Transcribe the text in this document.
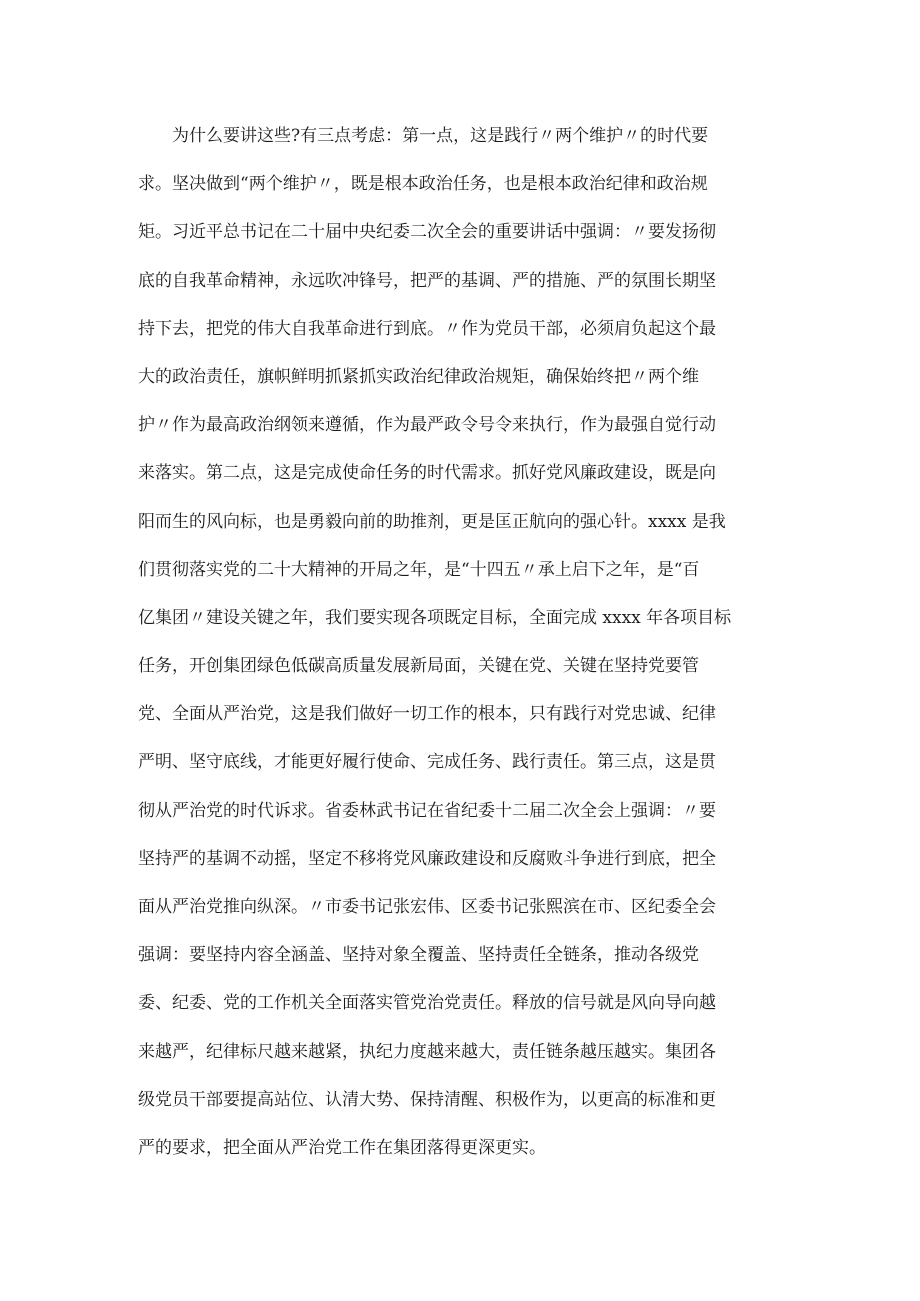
　　为什么要讲这些?有三点考虑：第一点，这是践行〃两个维护〃的时代要
求。坚决做到“两个维护〃，既是根本政治任务，也是根本政治纪律和政治规
矩。习近平总书记在二十届中央纪委二次全会的重要讲话中强调：〃要发扬彻
底的自我革命精神，永远吹冲锋号，把严的基调、严的措施、严的氛围长期坚
持下去，把党的伟大自我革命进行到底。〃作为党员干部，必须肩负起这个最
大的政治责任，旗帜鲜明抓紧抓实政治纪律政治规矩，确保始终把〃两个维
护〃作为最高政治纲领来遵循，作为最严政令号令来执行，作为最强自觉行动
来落实。第二点，这是完成使命任务的时代需求。抓好党风廉政建设，既是向
阳而生的风向标，也是勇毅向前的助推剂，更是匡正航向的强心针。xxxx 是我
们贯彻落实党的二十大精神的开局之年，是“十四五〃承上启下之年，是“百
亿集团〃建设关键之年，我们要实现各项既定目标，全面完成 xxxx 年各项目标
任务，开创集团绿色低碳高质量发展新局面，关键在党、关键在坚持党要管
党、全面从严治党，这是我们做好一切工作的根本，只有践行对党忠诚、纪律
严明、坚守底线，才能更好履行使命、完成任务、践行责任。第三点，这是贯
彻从严治党的时代诉求。省委林武书记在省纪委十二届二次全会上强调：〃要
坚持严的基调不动摇，坚定不移将党风廉政建设和反腐败斗争进行到底，把全
面从严治党推向纵深。〃市委书记张宏伟、区委书记张熙滨在市、区纪委全会
强调：要坚持内容全涵盖、坚持对象全覆盖、坚持责任全链条，推动各级党
委、纪委、党的工作机关全面落实管党治党责任。释放的信号就是风向导向越
来越严，纪律标尺越来越紧，执纪力度越来越大，责任链条越压越实。集团各
级党员干部要提高站位、认清大势、保持清醒、积极作为，以更高的标准和更
严的要求，把全面从严治党工作在集团落得更深更实。
